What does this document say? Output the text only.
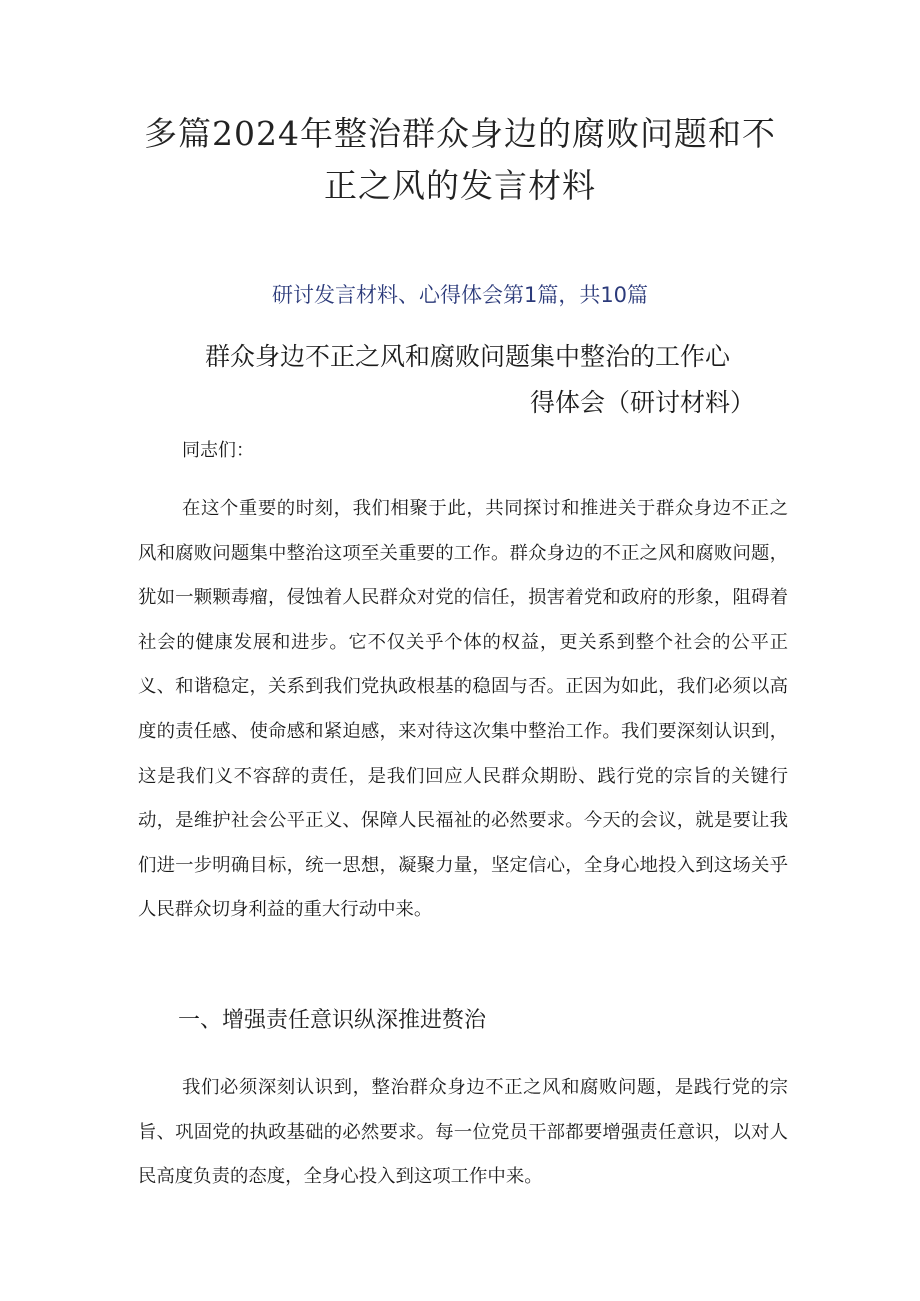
多篇2024年整治群众身边的腐败问题和不
正之风的发言材料
研讨发言材料、心得体会第1篇，共10篇
群众身边不正之风和腐败问题集中整治的工作心
得体会（研讨材料）
同志们：

在这个重要的时刻，我们相聚于此，共同探讨和推进关于群众身边不正之风和腐败问题集中整治这项至关重要的工作。群众身边的不正之风和腐败问题，犹如一颗颗毒瘤，侵蚀着人民群众对党的信任，损害着党和政府的形象，阻碍着社会的健康发展和进步。它不仅关乎个体的权益，更关系到整个社会的公平正义、和谐稳定，关系到我们党执政根基的稳固与否。正因为如此，我们必须以高度的责任感、使命感和紧迫感，来对待这次集中整治工作。我们要深刻认识到，这是我们义不容辞的责任，是我们回应人民群众期盼、践行党的宗旨的关键行动，是维护社会公平正义、保障人民福祉的必然要求。今天的会议，就是要让我们进一步明确目标，统一思想，凝聚力量，坚定信心，全身心地投入到这场关乎人民群众切身利益的重大行动中来。

一、增强责任意识纵深推进赘治

我们必须深刻认识到，整治群众身边不正之风和腐败问题，是践行党的宗旨、巩固党的执政基础的必然要求。每一位党员干部都要增强责任意识，以对人民高度负责的态度，全身心投入到这项工作中来。
